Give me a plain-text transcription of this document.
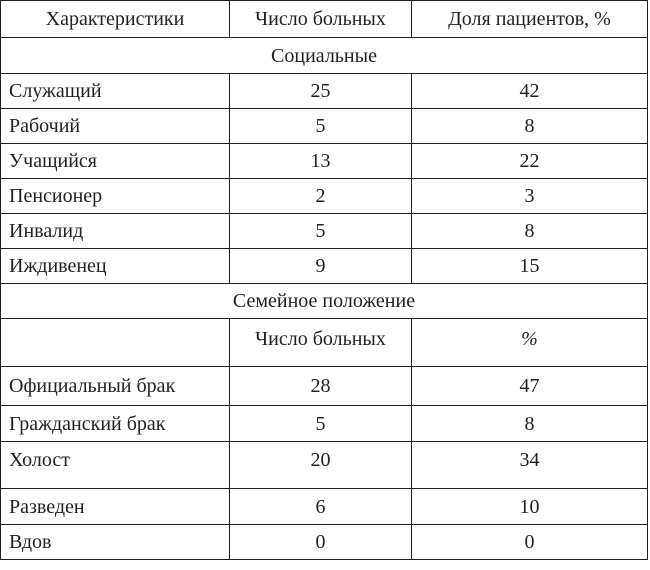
Характеристики	Число больных	Доля пациентов, %
Социальные		
Служащий	25	42
Рабочий	5	8
Учащийся	13	22
Пенсионер	2	3
Инвалид	5	8
Иждивенец	9	15
Семейное положение		
	Число больных	%
Официальный брак	28	47
Гражданский брак	5	8
Холост	20	34
Разведен	6	10
Вдов	0	0
